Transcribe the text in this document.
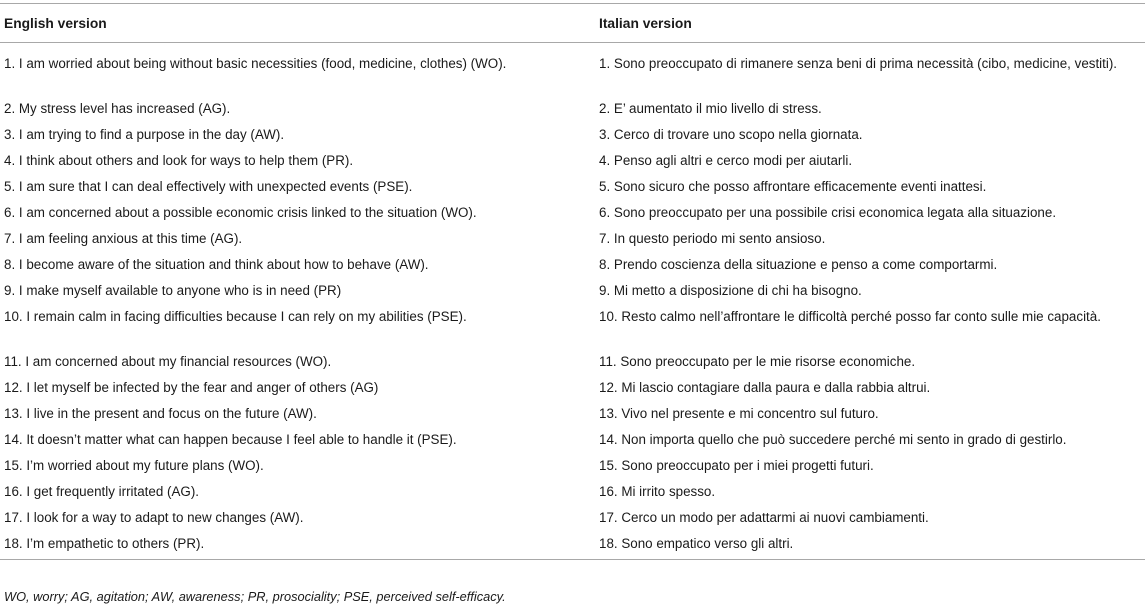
English version	Italian version
1. I am worried about being without basic necessities (food, medicine, clothes) (WO).	1. Sono preoccupato di rimanere senza beni di prima necessità (cibo, medicine, vestiti).
2. My stress level has increased (AG).	2. E’ aumentato il mio livello di stress.
3. I am trying to find a purpose in the day (AW).	3. Cerco di trovare uno scopo nella giornata.
4. I think about others and look for ways to help them (PR).	4. Penso agli altri e cerco modi per aiutarli.
5. I am sure that I can deal effectively with unexpected events (PSE).	5. Sono sicuro che posso affrontare efficacemente eventi inattesi.
6. I am concerned about a possible economic crisis linked to the situation (WO).	6. Sono preoccupato per una possibile crisi economica legata alla situazione.
7. I am feeling anxious at this time (AG).	7. In questo periodo mi sento ansioso.
8. I become aware of the situation and think about how to behave (AW).	8. Prendo coscienza della situazione e penso a come comportarmi.
9. I make myself available to anyone who is in need (PR)	9. Mi metto a disposizione di chi ha bisogno.
10. I remain calm in facing difficulties because I can rely on my abilities (PSE).	10. Resto calmo nell’affrontare le difficoltà perché posso far conto sulle mie capacità.
11. I am concerned about my financial resources (WO).	11. Sono preoccupato per le mie risorse economiche.
12. I let myself be infected by the fear and anger of others (AG)	12. Mi lascio contagiare dalla paura e dalla rabbia altrui.
13. I live in the present and focus on the future (AW).	13. Vivo nel presente e mi concentro sul futuro.
14. It doesn’t matter what can happen because I feel able to handle it (PSE).	14. Non importa quello che può succedere perché mi sento in grado di gestirlo.
15. I’m worried about my future plans (WO).	15. Sono preoccupato per i miei progetti futuri.
16. I get frequently irritated (AG).	16. Mi irrito spesso.
17. I look for a way to adapt to new changes (AW).	17. Cerco un modo per adattarmi ai nuovi cambiamenti.
18. I’m empathetic to others (PR).	18. Sono empatico verso gli altri.
WO, worry; AG, agitation; AW, awareness; PR, prosociality; PSE, perceived self-efficacy.
